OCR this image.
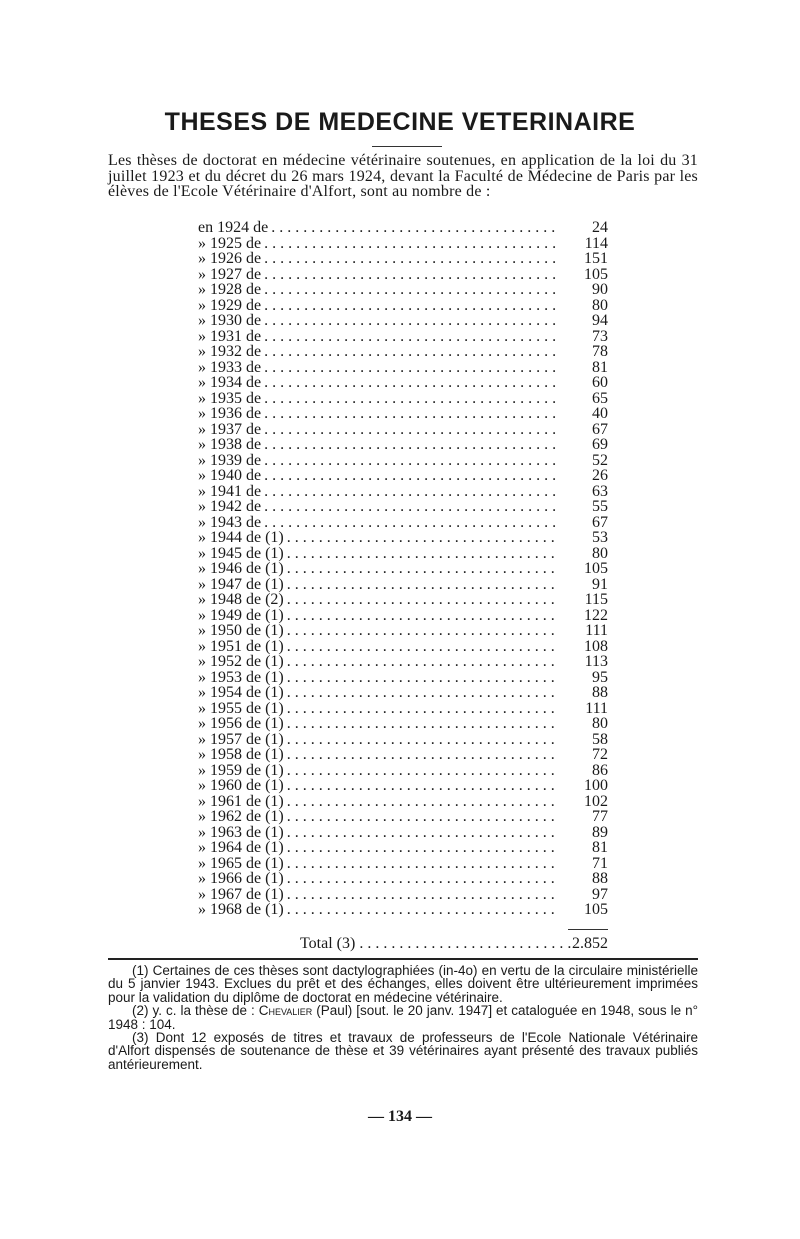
THESES DE MEDECINE VETERINAIRE
Les thèses de doctorat en médecine vétérinaire soutenues, en application de la loi du 31 juillet 1923 et du décret du 26 mars 1924, devant la Faculté de Médecine de Paris par les élèves de l'Ecole Vétérinaire d'Alfort, sont au nombre de :
en 1924 de . . .	24
» 1925 de . . .	114
» 1926 de . . .	151
» 1927 de . . .	105
» 1928 de . . .	90
» 1929 de . . .	80
» 1930 de . . .	94
» 1931 de . . .	73
» 1932 de . . .	78
» 1933 de . . .	81
» 1934 de . . .	60
» 1935 de . . .	65
» 1936 de . . .	40
» 1937 de . . .	67
» 1938 de . . .	69
» 1939 de . . .	52
» 1940 de . . .	26
» 1941 de . . .	63
» 1942 de . . .	55
» 1943 de . . .	67
» 1944 de (1) . . .	53
» 1945 de (1) . . .	80
» 1946 de (1) . . .	105
» 1947 de (1) . . .	91
» 1948 de (2) . . .	115
» 1949 de (1) . . .	122
» 1950 de (1) . . .	111
» 1951 de (1) . . .	108
» 1952 de (1) . . .	113
» 1953 de (1) . . .	95
» 1954 de (1) . . .	88
» 1955 de (1) . . .	111
» 1956 de (1) . . .	80
» 1957 de (1) . . .	58
» 1958 de (1) . . .	72
» 1959 de (1) . . .	86
» 1960 de (1) . . .	100
» 1961 de (1) . . .	102
» 1962 de (1) . . .	77
» 1963 de (1) . . .	89
» 1964 de (1) . . .	81
» 1965 de (1) . . .	71
» 1966 de (1) . . .	88
» 1967 de (1) . . .	97
» 1968 de (1) . . .	105
Total (3) . . .	2.852

(1) Certaines de ces thèses sont dactylographiées (in-4o) en vertu de la circulaire ministérielle du 5 janvier 1943. Exclues du prêt et des échanges, elles doivent être ultérieurement imprimées pour la validation du diplôme de doctorat en médecine vétérinaire.

(2) y. c. la thèse de : Chevalier (Paul) [sout. le 20 janv. 1947] et cataloguée en 1948, sous le n° 1948 : 104.

(3) Dont 12 exposés de titres et travaux de professeurs de l'Ecole Nationale Vétérinaire d'Alfort dispensés de soutenance de thèse et 39 vétérinaires ayant présenté des travaux publiés antérieurement.

— 134 —
